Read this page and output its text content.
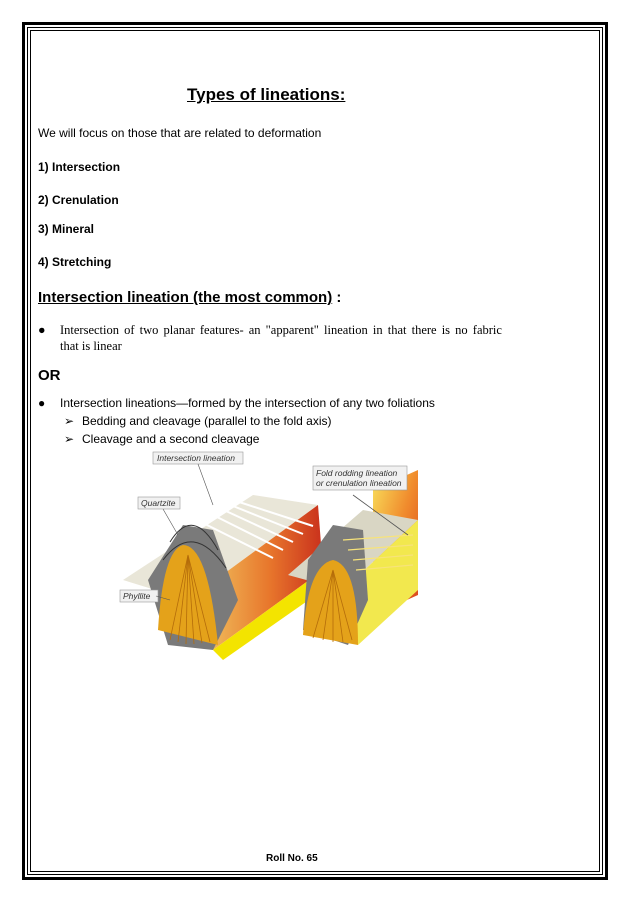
Types of lineations:
We will focus on those that are related to deformation
1) Intersection
2) Crenulation
3) Mineral
4) Stretching
Intersection lineation (the most common) :
●	Intersection of two planar features- an "apparent" lineation in that there is no fabric
that is linear
OR
●	Intersection lineations—formed by the intersection of any two foliations
➢ Bedding and cleavage (parallel to the fold axis)
➢ Cleavage and a second cleavage
Intersection lineation
Quartzite
Phyllite
Fold rodding lineation
or crenulation lineation
Roll No. 65
